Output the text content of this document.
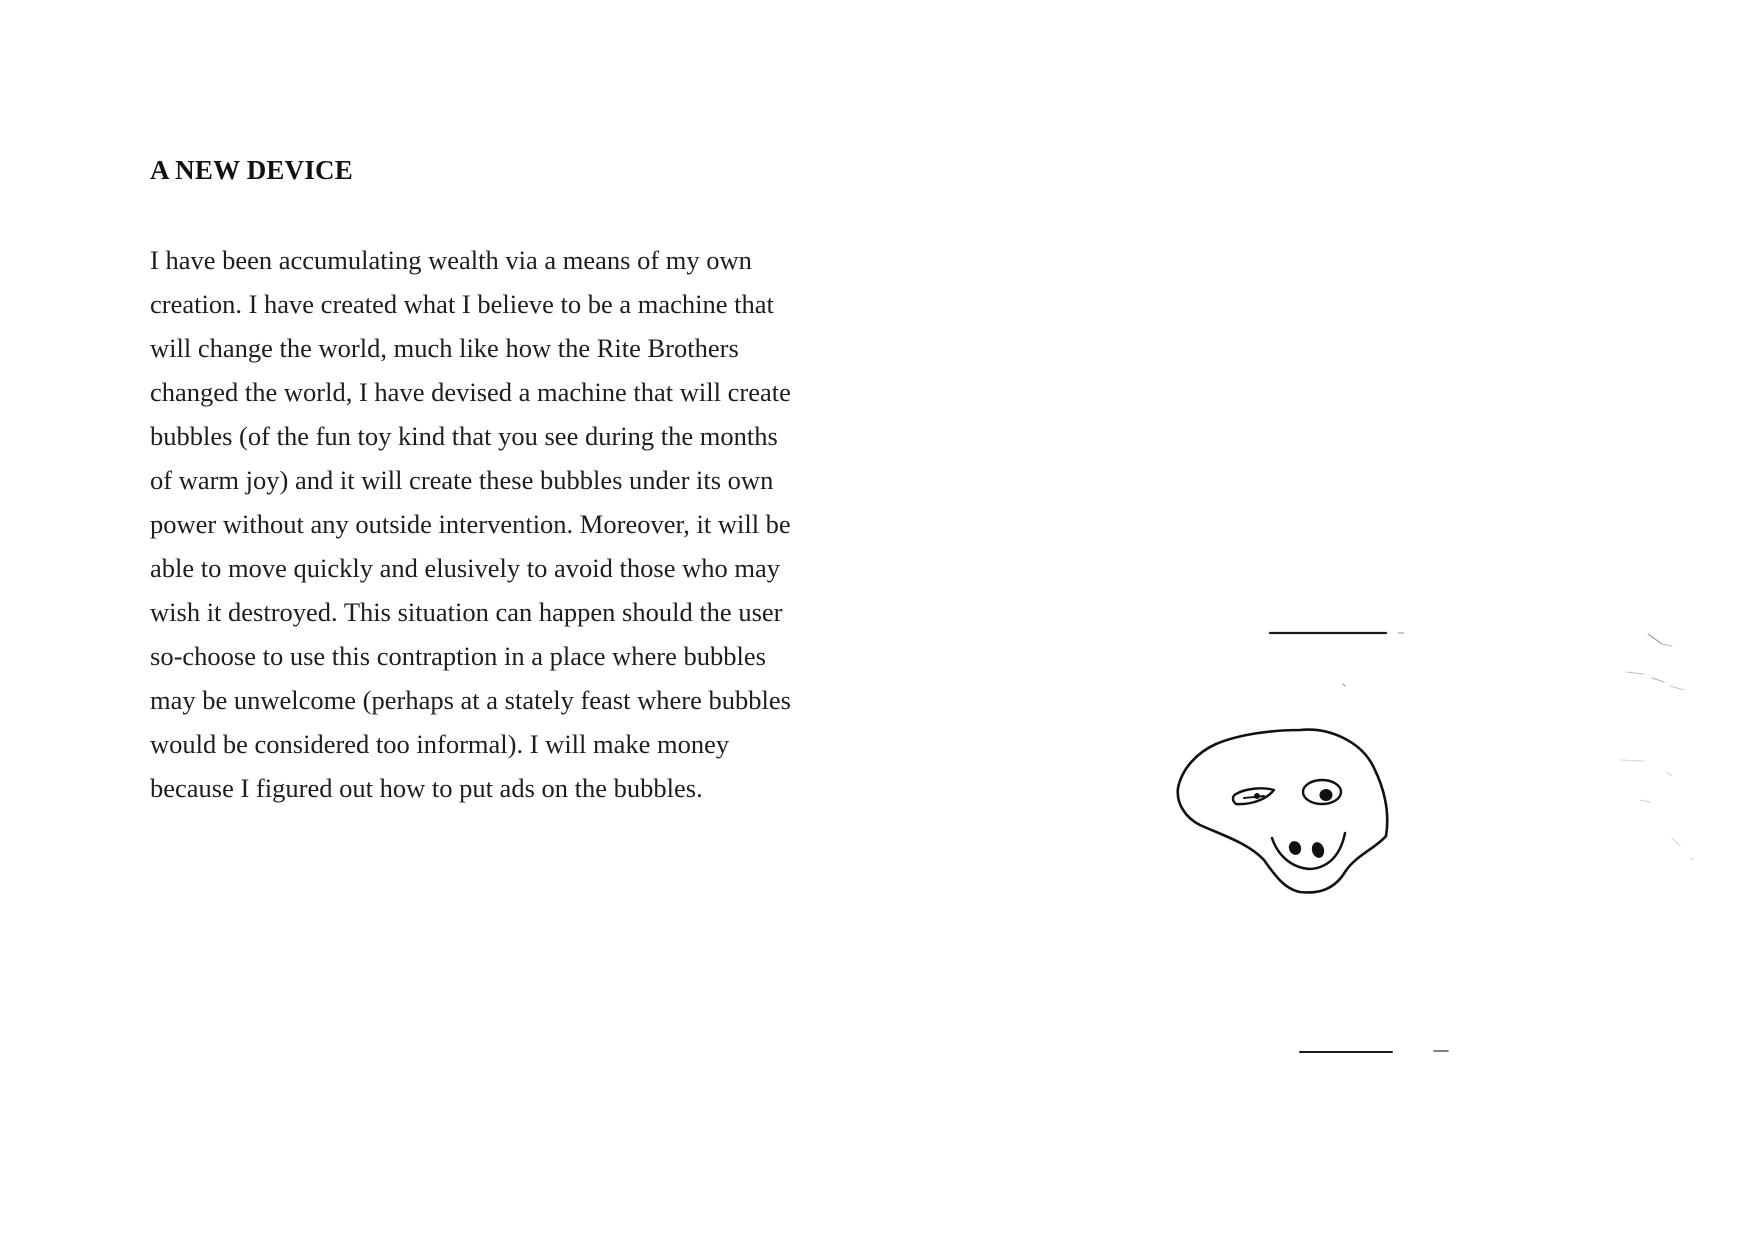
A NEW DEVICE

I have been accumulating wealth via a means of my own
creation. I have created what I believe to be a machine that
will change the world, much like how the Rite Brothers
changed the world, I have devised a machine that will create
bubbles (of the fun toy kind that you see during the months
of warm joy) and it will create these bubbles under its own
power without any outside intervention. Moreover, it will be
able to move quickly and elusively to avoid those who may
wish it destroyed. This situation can happen should the user
so-choose to use this contraption in a place where bubbles
may be unwelcome (perhaps at a stately feast where bubbles
would be considered too informal). I will make money
because I figured out how to put ads on the bubbles.
